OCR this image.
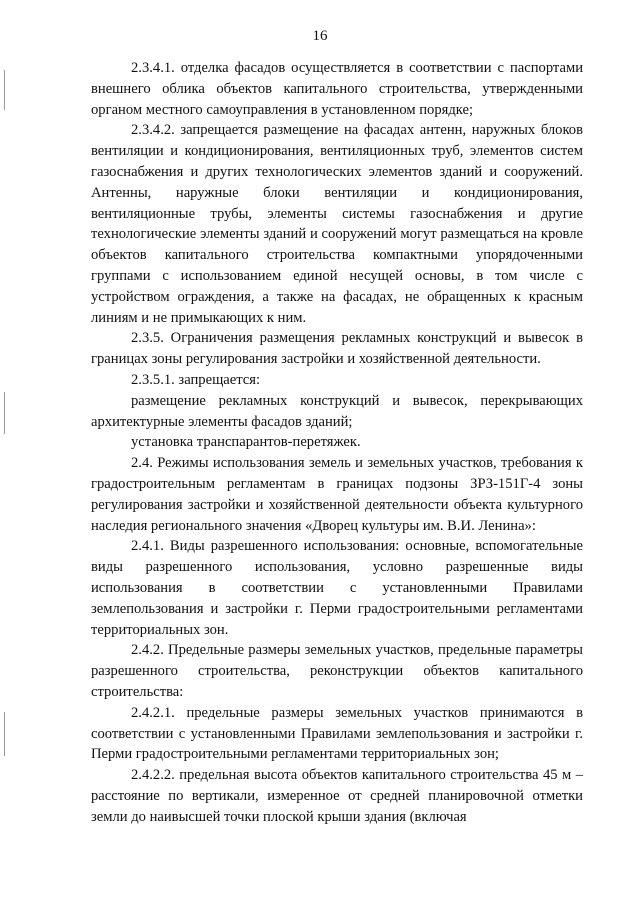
16

2.3.4.1. отделка фасадов осуществляется в соответствии с паспортами внешнего облика объектов капитального строительства, утвержденными органом местного самоуправления в установленном порядке;

2.3.4.2. запрещается размещение на фасадах антенн, наружных блоков вентиляции и кондиционирования, вентиляционных труб, элементов систем газоснабжения и других технологических элементов зданий и сооружений. Антенны, наружные блоки вентиляции и кондиционирования, вентиляционные трубы, элементы системы газоснабжения и другие технологические элементы зданий и сооружений могут размещаться на кровле объектов капитального строительства компактными упорядоченными группами с использованием единой несущей основы, в том числе с устройством ограждения, а также на фасадах, не обращенных к красным линиям и не примыкающих к ним.

2.3.5. Ограничения размещения рекламных конструкций и вывесок в границах зоны регулирования застройки и хозяйственной деятельности.

2.3.5.1. запрещается:

размещение рекламных конструкций и вывесок, перекрывающих архитектурные элементы фасадов зданий;

установка транспарантов-перетяжек.

2.4. Режимы использования земель и земельных участков, требования к градостроительным регламентам в границах подзоны ЗРЗ-151Г-4 зоны регулирования застройки и хозяйственной деятельности объекта культурного наследия регионального значения «Дворец культуры им. В.И. Ленина»:

2.4.1. Виды разрешенного использования: основные, вспомогательные виды разрешенного использования, условно разрешенные виды использования в соответствии с установленными Правилами землепользования и застройки г. Перми градостроительными регламентами территориальных зон.

2.4.2. Предельные размеры земельных участков, предельные параметры разрешенного строительства, реконструкции объектов капитального строительства:

2.4.2.1. предельные размеры земельных участков принимаются в соответствии с установленными Правилами землепользования и застройки г. Перми градостроительными регламентами территориальных зон;

2.4.2.2. предельная высота объектов капитального строительства 45 м – расстояние по вертикали, измеренное от средней планировочной отметки земли до наивысшей точки плоской крыши здания (включая
